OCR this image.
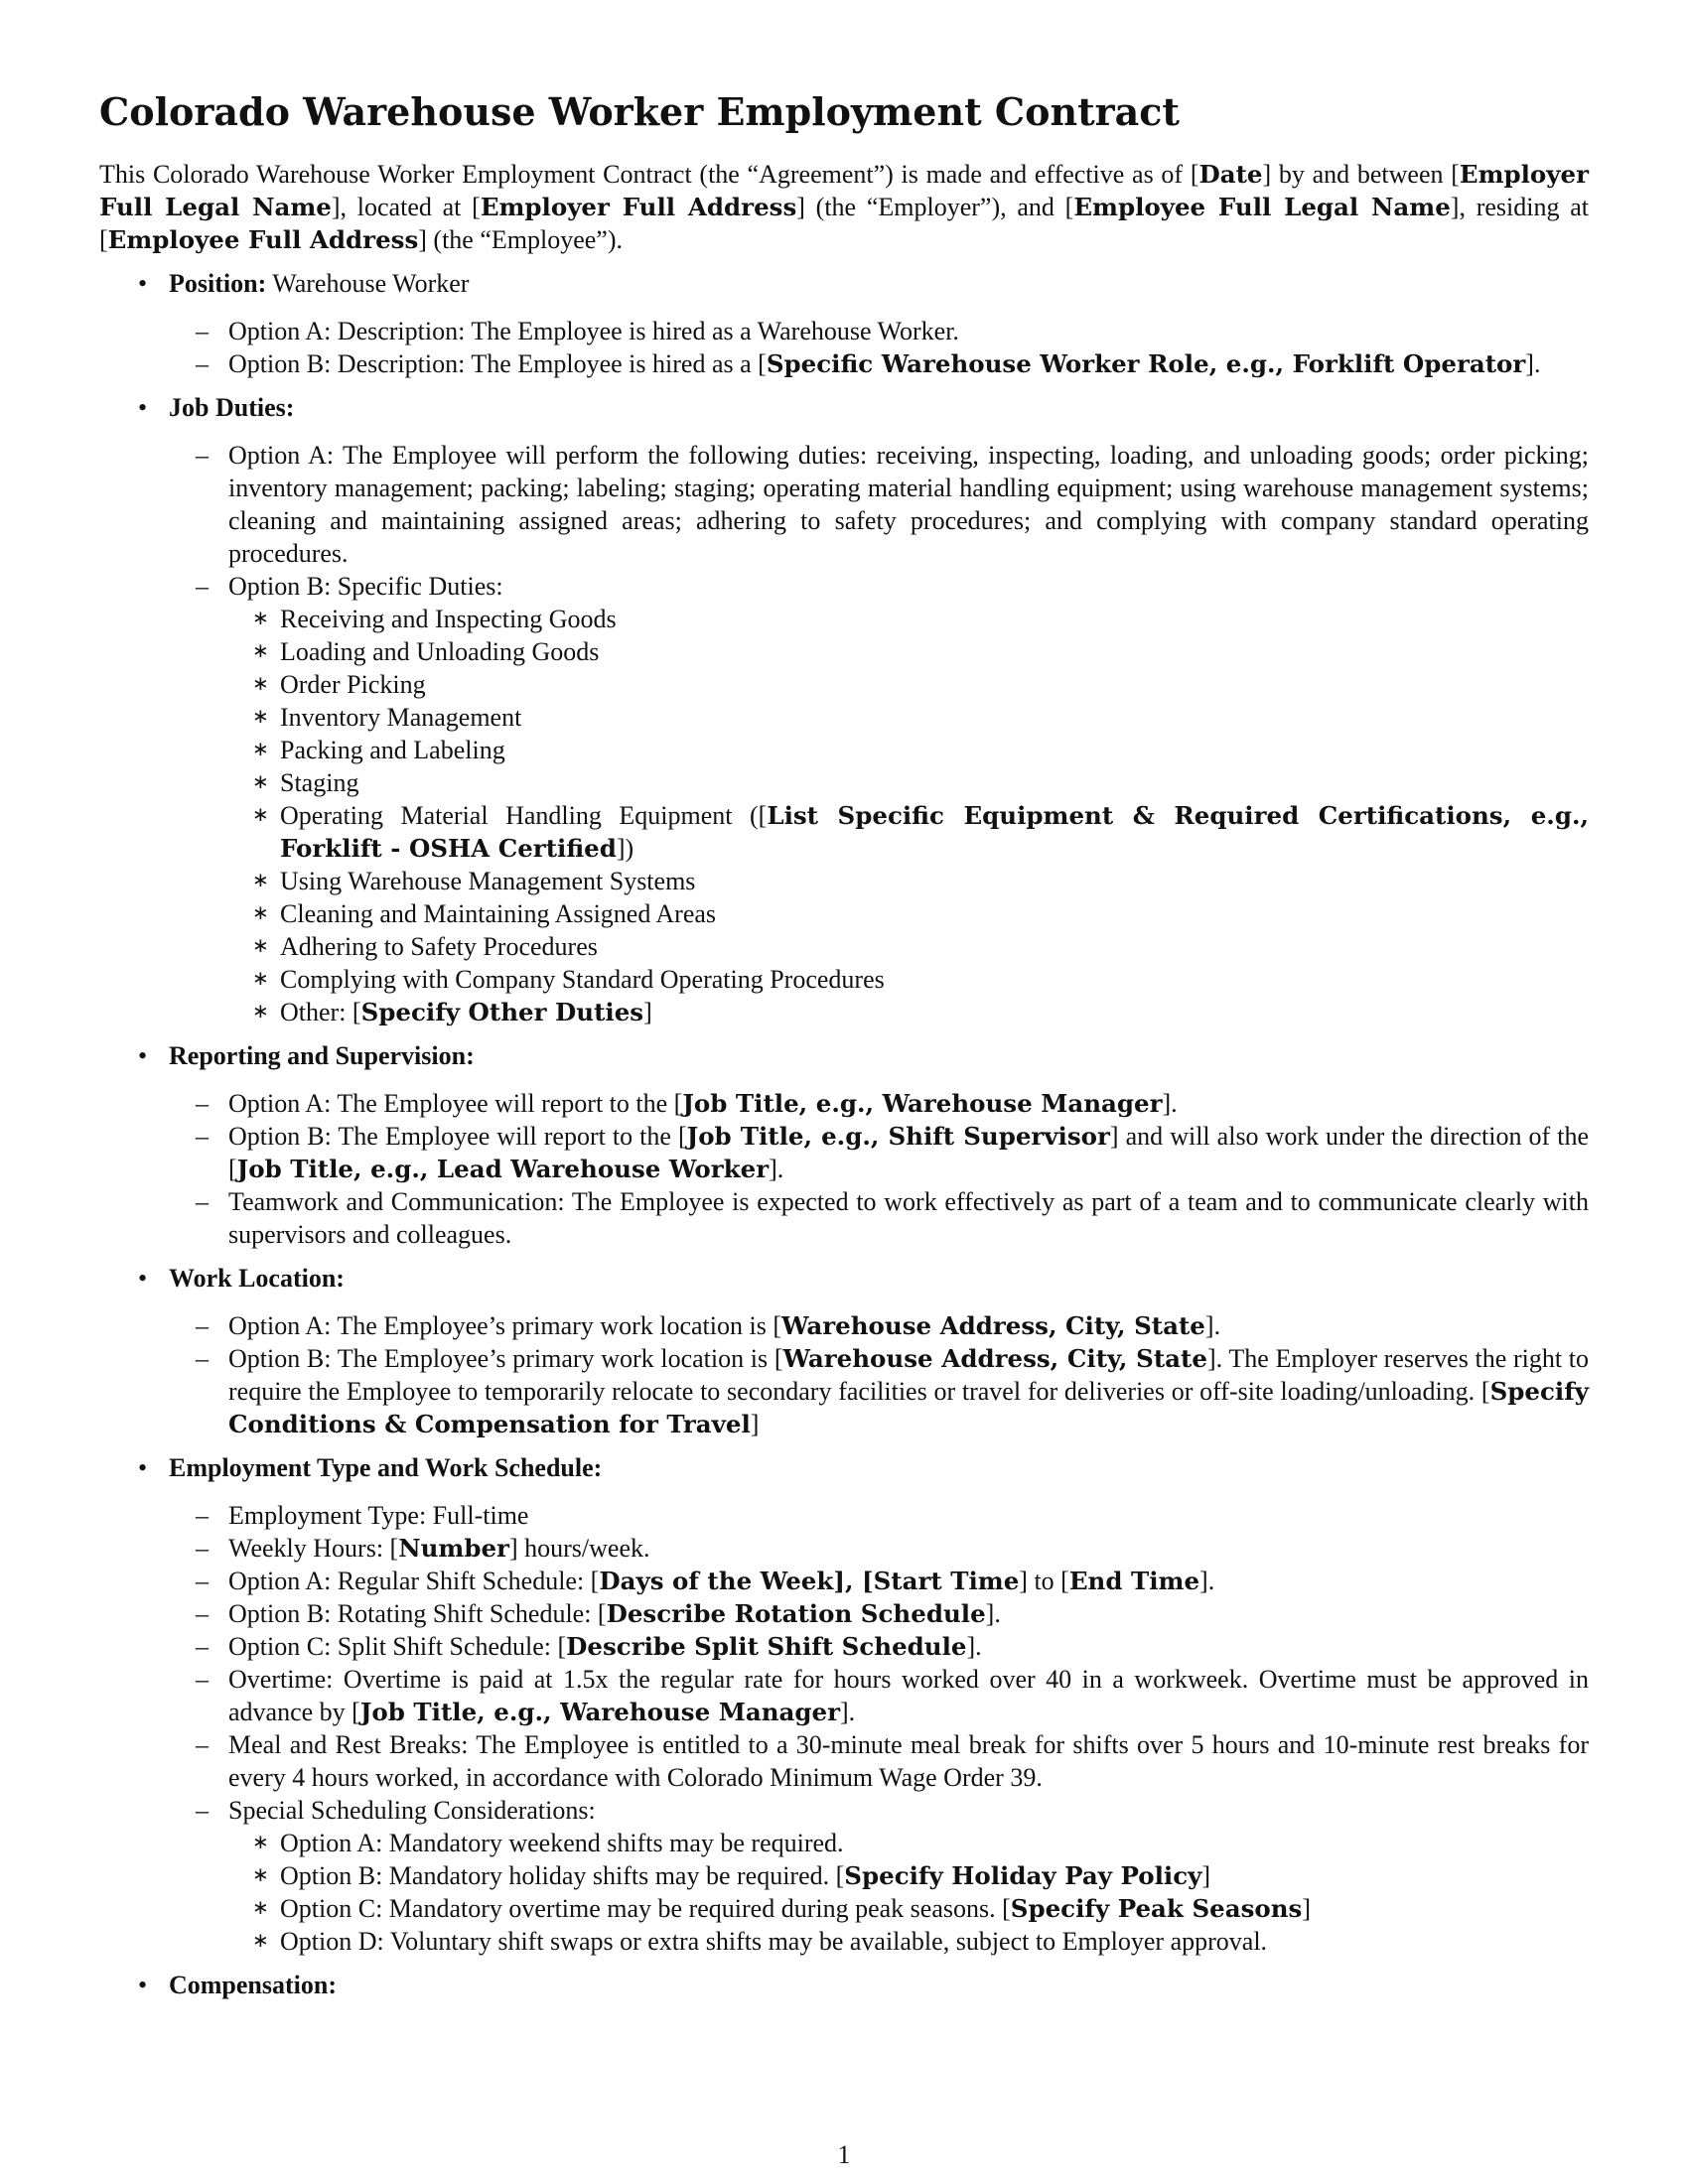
Colorado Warehouse Worker Employment Contract

This Colorado Warehouse Worker Employment Contract (the “Agreement”) is made and effective as of [Date] by and between [Employer Full Legal Name], located at [Employer Full Address] (the “Employer”), and [Employee Full Legal Name], residing at [Employee Full Address] (the “Employee”).

• Position: Warehouse Worker
– Option A: Description: The Employee is hired as a Warehouse Worker.
– Option B: Description: The Employee is hired as a [Specific Warehouse Worker Role, e.g., Forklift Operator].
• Job Duties:
– Option A: The Employee will perform the following duties: receiving, inspecting, loading, and unloading goods; order picking; inventory management; packing; labeling; staging; operating material handling equipment; using warehouse management systems; cleaning and maintaining assigned areas; adhering to safety procedures; and complying with company standard operating procedures.
– Option B: Specific Duties:
∗ Receiving and Inspecting Goods
∗ Loading and Unloading Goods
∗ Order Picking
∗ Inventory Management
∗ Packing and Labeling
∗ Staging
∗ Operating Material Handling Equipment ([List Specific Equipment & Required Certifications, e.g., Forklift - OSHA Certified])
∗ Using Warehouse Management Systems
∗ Cleaning and Maintaining Assigned Areas
∗ Adhering to Safety Procedures
∗ Complying with Company Standard Operating Procedures
∗ Other: [Specify Other Duties]
• Reporting and Supervision:
– Option A: The Employee will report to the [Job Title, e.g., Warehouse Manager].
– Option B: The Employee will report to the [Job Title, e.g., Shift Supervisor] and will also work under the direction of the [Job Title, e.g., Lead Warehouse Worker].
– Teamwork and Communication: The Employee is expected to work effectively as part of a team and to communicate clearly with supervisors and colleagues.
• Work Location:
– Option A: The Employee’s primary work location is [Warehouse Address, City, State].
– Option B: The Employee’s primary work location is [Warehouse Address, City, State]. The Employer reserves the right to require the Employee to temporarily relocate to secondary facilities or travel for deliveries or off-site loading/unloading. [Specify Conditions & Compensation for Travel]
• Employment Type and Work Schedule:
– Employment Type: Full-time
– Weekly Hours: [Number] hours/week.
– Option A: Regular Shift Schedule: [Days of the Week], [Start Time] to [End Time].
– Option B: Rotating Shift Schedule: [Describe Rotation Schedule].
– Option C: Split Shift Schedule: [Describe Split Shift Schedule].
– Overtime: Overtime is paid at 1.5x the regular rate for hours worked over 40 in a workweek. Overtime must be approved in advance by [Job Title, e.g., Warehouse Manager].
– Meal and Rest Breaks: The Employee is entitled to a 30-minute meal break for shifts over 5 hours and 10-minute rest breaks for every 4 hours worked, in accordance with Colorado Minimum Wage Order 39.
– Special Scheduling Considerations:
∗ Option A: Mandatory weekend shifts may be required.
∗ Option B: Mandatory holiday shifts may be required. [Specify Holiday Pay Policy]
∗ Option C: Mandatory overtime may be required during peak seasons. [Specify Peak Seasons]
∗ Option D: Voluntary shift swaps or extra shifts may be available, subject to Employer approval.
• Compensation:
1
